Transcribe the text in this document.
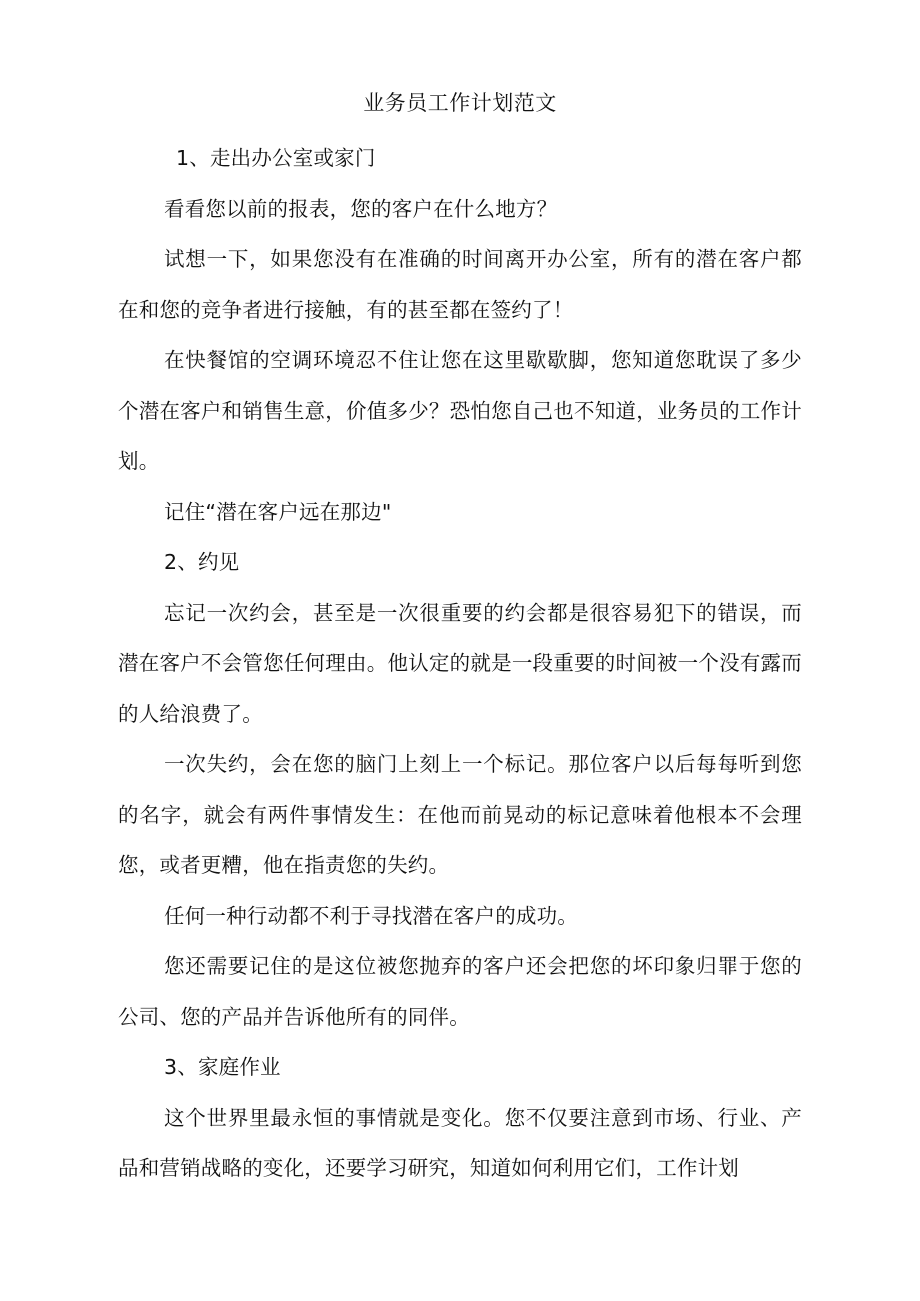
业务员工作计划范文

1、走出办公室或家门

看看您以前的报表，您的客户在什么地方？

试想一下，如果您没有在准确的时间离开办公室，所有的潜在客户都在和您的竞争者进行接触，有的甚至都在签约了！

在快餐馆的空调环境忍不住让您在这里歇歇脚，您知道您耽误了多少个潜在客户和销售生意，价值多少？恐怕您自己也不知道，业务员的工作计划。

记住“潜在客户远在那边"

2、约见

忘记一次约会，甚至是一次很重要的约会都是很容易犯下的错误，而潜在客户不会管您任何理由。他认定的就是一段重要的时间被一个没有露而的人给浪费了。

一次失约，会在您的脑门上刻上一个标记。那位客户以后每每听到您的名字，就会有两件事情发生：在他而前晃动的标记意味着他根本不会理您，或者更糟，他在指责您的失约。

任何一种行动都不利于寻找潜在客户的成功。

您还需要记住的是这位被您抛弃的客户还会把您的坏印象归罪于您的公司、您的产品并告诉他所有的同伴。

3、家庭作业

这个世界里最永恒的事情就是变化。您不仅要注意到市场、行业、产品和营销战略的变化，还要学习研究，知道如何利用它们，工作计划
